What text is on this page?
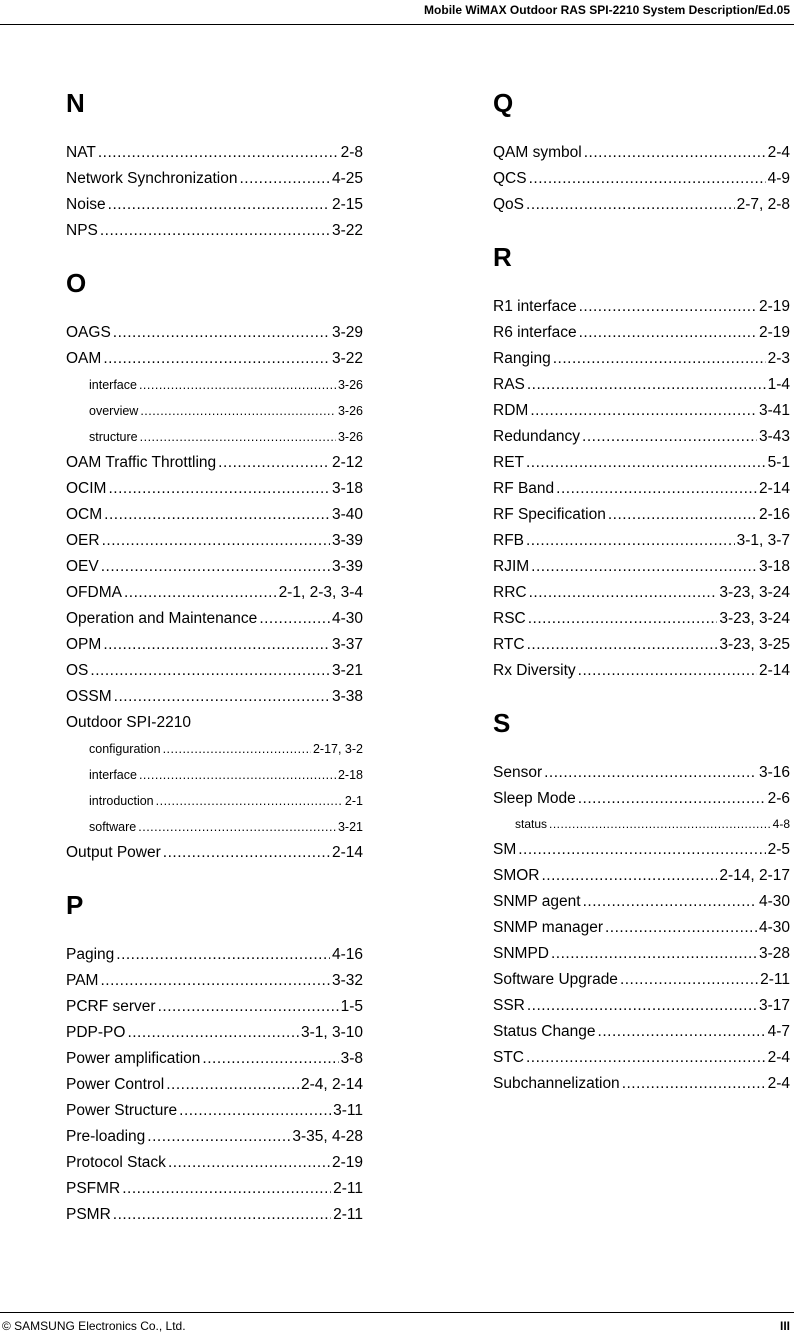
Mobile WiMAX Outdoor RAS SPI-2210 System Description/Ed.05
N
NAT .....	2-8
Network Synchronization .....	4-25
Noise .....	2-15
NPS .....	3-22
O
OAGS .....	3-29
OAM .....	3-22
interface .....	3-26
overview .....	3-26
structure .....	3-26
OAM Traffic Throttling .....	2-12
OCIM .....	3-18
OCM .....	3-40
OER .....	3-39
OEV .....	3-39
OFDMA .....	2-1, 2-3, 3-4
Operation and Maintenance .....	4-30
OPM .....	3-37
OS .....	3-21
OSSM .....	3-38
Outdoor SPI-2210
configuration .....	2-17, 3-2
interface .....	2-18
introduction .....	2-1
software .....	3-21
Output Power .....	2-14
P
Paging .....	4-16
PAM .....	3-32
PCRF server .....	1-5
PDP-PO .....	3-1, 3-10
Power amplification .....	3-8
Power Control .....	2-4, 2-14
Power Structure .....	3-11
Pre-loading .....	3-35, 4-28
Protocol Stack .....	2-19
PSFMR .....	2-11
PSMR .....	2-11
Q
QAM symbol .....	2-4
QCS .....	4-9
QoS .....	2-7, 2-8
R
R1 interface .....	2-19
R6 interface .....	2-19
Ranging .....	2-3
RAS .....	1-4
RDM .....	3-41
Redundancy .....	3-43
RET .....	5-1
RF Band .....	2-14
RF Specification .....	2-16
RFB .....	3-1, 3-7
RJIM .....	3-18
RRC .....	3-23, 3-24
RSC .....	3-23, 3-24
RTC .....	3-23, 3-25
Rx Diversity .....	2-14
S
Sensor .....	3-16
Sleep Mode .....	2-6
status .....	4-8
SM .....	2-5
SMOR .....	2-14, 2-17
SNMP agent .....	4-30
SNMP manager .....	4-30
SNMPD .....	3-28
Software Upgrade .....	2-11
SSR .....	3-17
Status Change .....	4-7
STC .....	2-4
Subchannelization .....	2-4
© SAMSUNG Electronics Co., Ltd.	III
